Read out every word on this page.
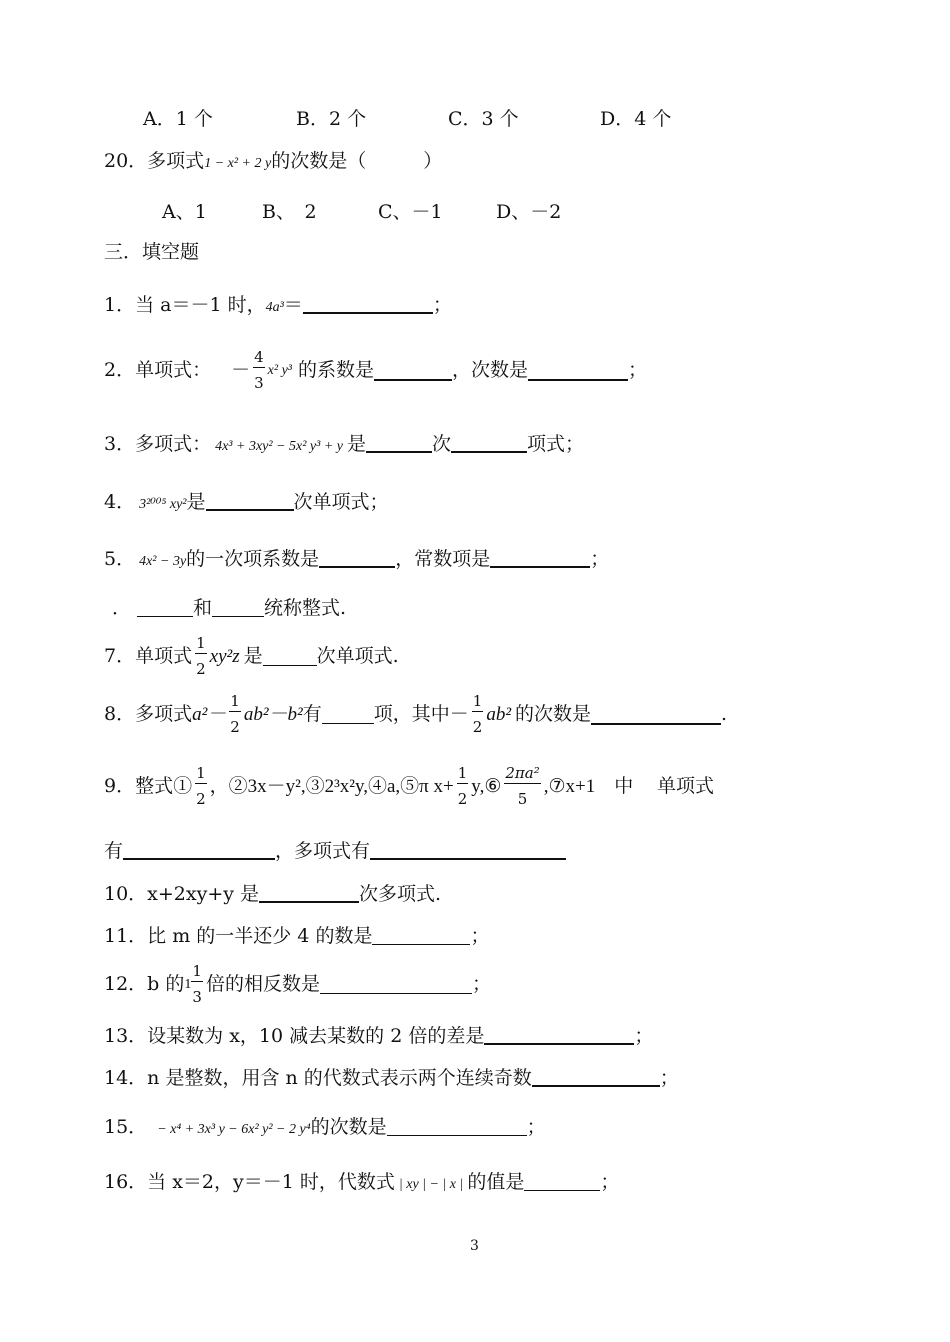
A．1 个	B．2 个	C．3 个	D．4 个
20．多项式1 − x² + 2 y的次数是（　　　）
A、1	B、　2	C、－1	D、－2
三．填空题
1．当 a＝－1 时，4a³＝	；
2．单项式： － $\frac{4}{3} x^2$ y³ 的系数是	，次数是	；
3．多项式： 4x³ + 3xy² − 5x² y³ + y 是	次	项式；
4． 3²⁰⁰⁵ xy²是	次单项式；
5． 4x² − 3y的一次项系数是	，常数项是	；
．	和	统称整式.
7．单项式 $\frac{1}{2} xy^2z$ 是	次单项式.
8．多项式 $a^2- \frac{1}{2} ab^2-b^2$ 有	项，其中－ $\frac{1}{2} ab^2$ 的次数是	.
9．整式① $\frac{1}{2}$ ，②3x－y²,③2³x²y,④a,⑤π $x+ \frac{1}{2}$ y,⑥ $\frac{\text{2πa²}}{5}$ ,⑦x+1　中　 单项式
有	，多项式有
10．x+2xy+y 是	次多项式.
11．比 m 的一半还少 4 的数是	；
12．b 的 $1 \frac{1}{3}$ 倍的相反数是	；
13．设某数为 x，10 减去某数的 2 倍的差是	；
14．n 是整数，用含 n 的代数式表示两个连续奇数	；
15． − x⁴ + 3x³ y − 6x² y² − 2 y⁴的次数是	；
16．当 x＝2，y＝－1 时，代数式 | xy | − | x | 的值是	；
3
